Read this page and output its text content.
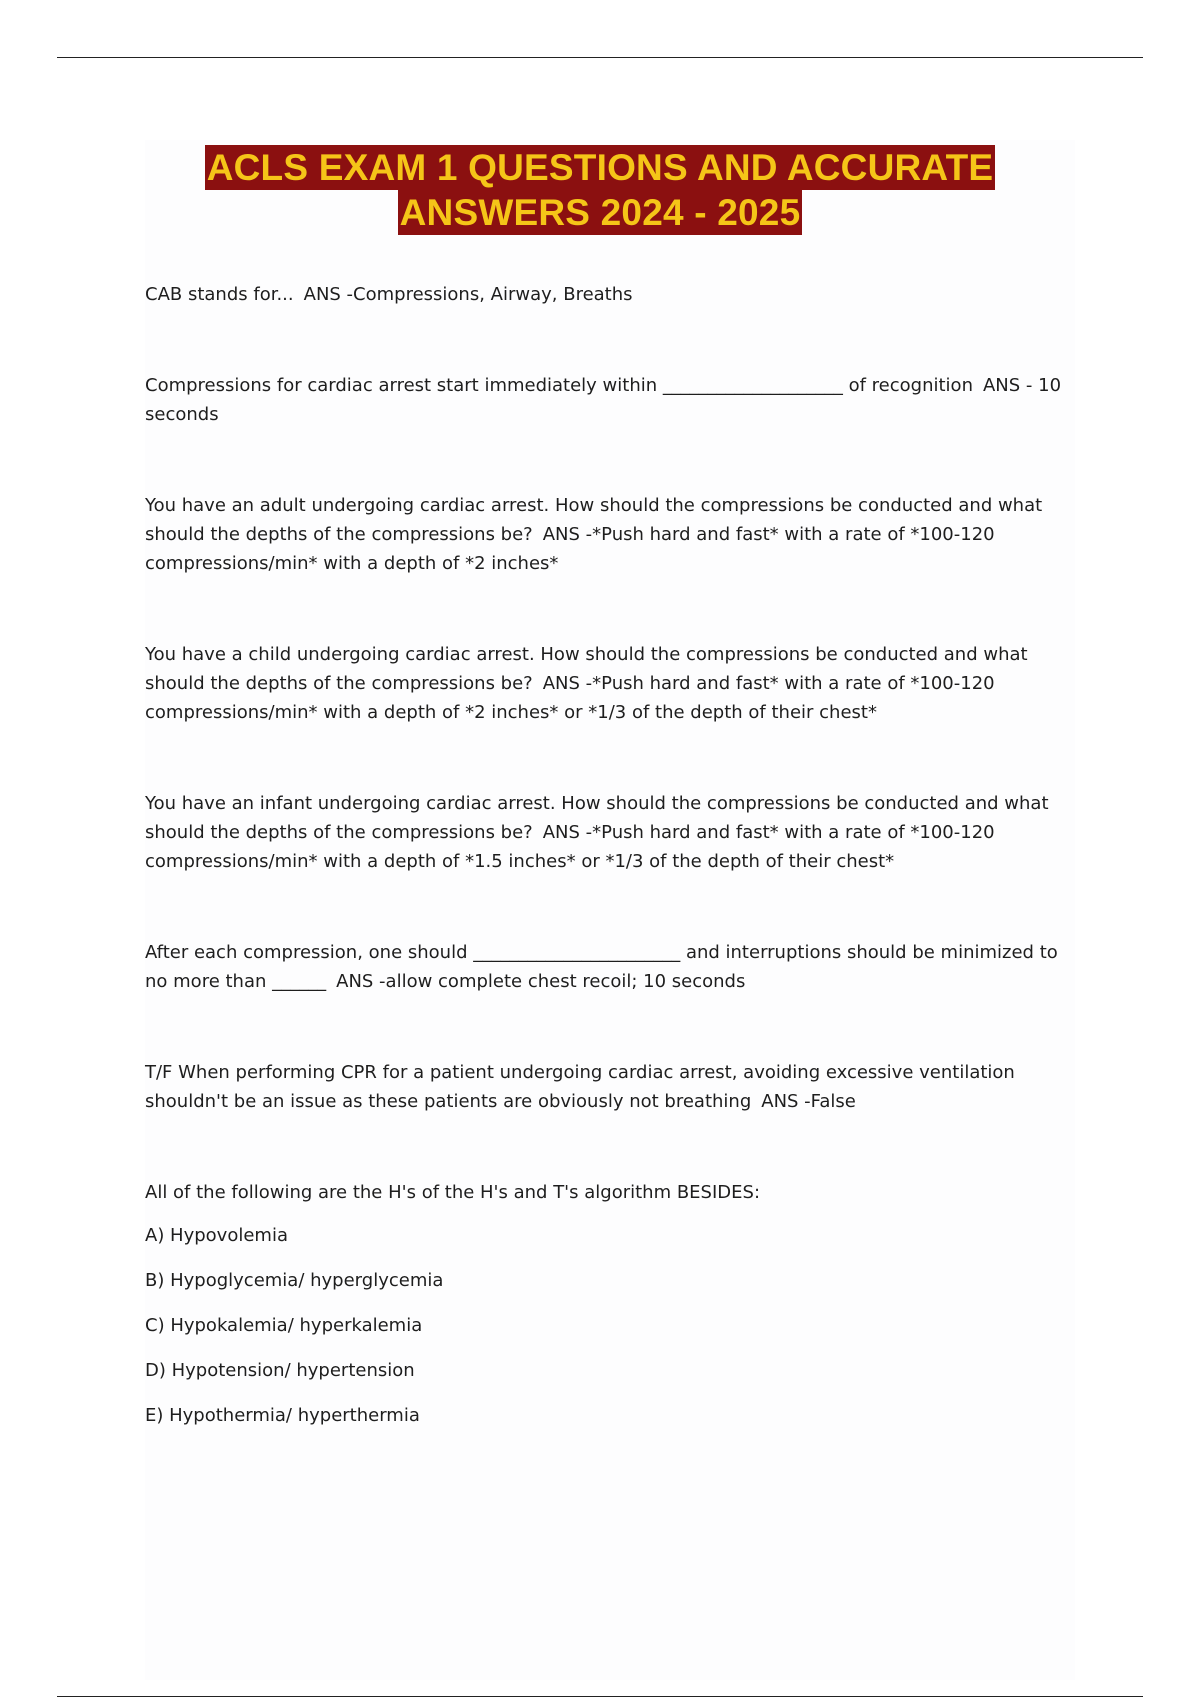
ACLS EXAM 1 QUESTIONS AND ACCURATE
ANSWERS 2024 - 2025

CAB stands for... ANS -Compressions, Airway, Breaths

Compressions for cardiac arrest start immediately within ____________________ of recognition ANS - 10 seconds

You have an adult undergoing cardiac arrest. How should the compressions be conducted and what should the depths of the compressions be? ANS -*Push hard and fast* with a rate of *100-120 compressions/min* with a depth of *2 inches*

You have a child undergoing cardiac arrest. How should the compressions be conducted and what should the depths of the compressions be? ANS -*Push hard and fast* with a rate of *100-120 compressions/min* with a depth of *2 inches* or *1/3 of the depth of their chest*

You have an infant undergoing cardiac arrest. How should the compressions be conducted and what should the depths of the compressions be? ANS -*Push hard and fast* with a rate of *100-120 compressions/min* with a depth of *1.5 inches* or *1/3 of the depth of their chest*

After each compression, one should _______________________ and interruptions should be minimized to no more than ______ ANS -allow complete chest recoil; 10 seconds

T/F When performing CPR for a patient undergoing cardiac arrest, avoiding excessive ventilation shouldn't be an issue as these patients are obviously not breathing ANS -False

All of the following are the H's of the H's and T's algorithm BESIDES:

A) Hypovolemia

B) Hypoglycemia/ hyperglycemia

C) Hypokalemia/ hyperkalemia

D) Hypotension/ hypertension

E) Hypothermia/ hyperthermia
